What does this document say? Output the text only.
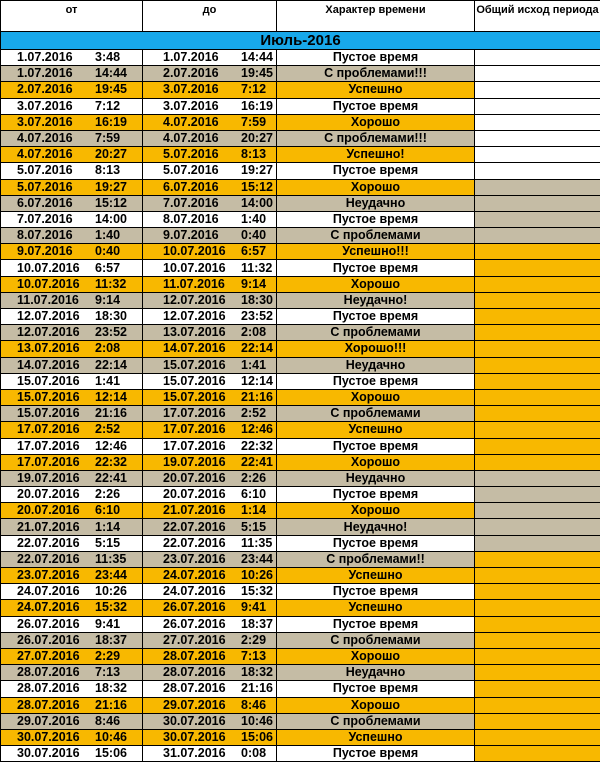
от	до	Характер времени	Общий исход периода
Июль-2016			
1.07.2016 3:48	1.07.2016 14:44	Пустое время	
1.07.2016 14:44	2.07.2016 19:45	С проблемами!!!	
2.07.2016 19:45	3.07.2016 7:12	Успешно	
3.07.2016 7:12	3.07.2016 16:19	Пустое время	
3.07.2016 16:19	4.07.2016 7:59	Хорошо	
4.07.2016 7:59	4.07.2016 20:27	С проблемами!!!	
4.07.2016 20:27	5.07.2016 8:13	Успешно!	
5.07.2016 8:13	5.07.2016 19:27	Пустое время	
5.07.2016 19:27	6.07.2016 15:12	Хорошо	
6.07.2016 15:12	7.07.2016 14:00	Неудачно	
7.07.2016 14:00	8.07.2016 1:40	Пустое время	
8.07.2016 1:40	9.07.2016 0:40	С проблемами	
9.07.2016 0:40	10.07.2016 6:57	Успешно!!!	
10.07.2016 6:57	10.07.2016 11:32	Пустое время	
10.07.2016 11:32	11.07.2016 9:14	Хорошо	
11.07.2016 9:14	12.07.2016 18:30	Неудачно!	
12.07.2016 18:30	12.07.2016 23:52	Пустое время	
12.07.2016 23:52	13.07.2016 2:08	С проблемами	
13.07.2016 2:08	14.07.2016 22:14	Хорошо!!!	
14.07.2016 22:14	15.07.2016 1:41	Неудачно	
15.07.2016 1:41	15.07.2016 12:14	Пустое время	
15.07.2016 12:14	15.07.2016 21:16	Хорошо	
15.07.2016 21:16	17.07.2016 2:52	С проблемами	
17.07.2016 2:52	17.07.2016 12:46	Успешно	
17.07.2016 12:46	17.07.2016 22:32	Пустое время	
17.07.2016 22:32	19.07.2016 22:41	Хорошо	
19.07.2016 22:41	20.07.2016 2:26	Неудачно	
20.07.2016 2:26	20.07.2016 6:10	Пустое время	
20.07.2016 6:10	21.07.2016 1:14	Хорошо	
21.07.2016 1:14	22.07.2016 5:15	Неудачно!	
22.07.2016 5:15	22.07.2016 11:35	Пустое время	
22.07.2016 11:35	23.07.2016 23:44	С проблемами!!	
23.07.2016 23:44	24.07.2016 10:26	Успешно	
24.07.2016 10:26	24.07.2016 15:32	Пустое время	
24.07.2016 15:32	26.07.2016 9:41	Успешно	
26.07.2016 9:41	26.07.2016 18:37	Пустое время	
26.07.2016 18:37	27.07.2016 2:29	С проблемами	
27.07.2016 2:29	28.07.2016 7:13	Хорошо	
28.07.2016 7:13	28.07.2016 18:32	Неудачно	
28.07.2016 18:32	28.07.2016 21:16	Пустое время	
28.07.2016 21:16	29.07.2016 8:46	Хорошо	
29.07.2016 8:46	30.07.2016 10:46	С проблемами	
30.07.2016 10:46	30.07.2016 15:06	Успешно	
30.07.2016 15:06	31.07.2016 0:08	Пустое время	
